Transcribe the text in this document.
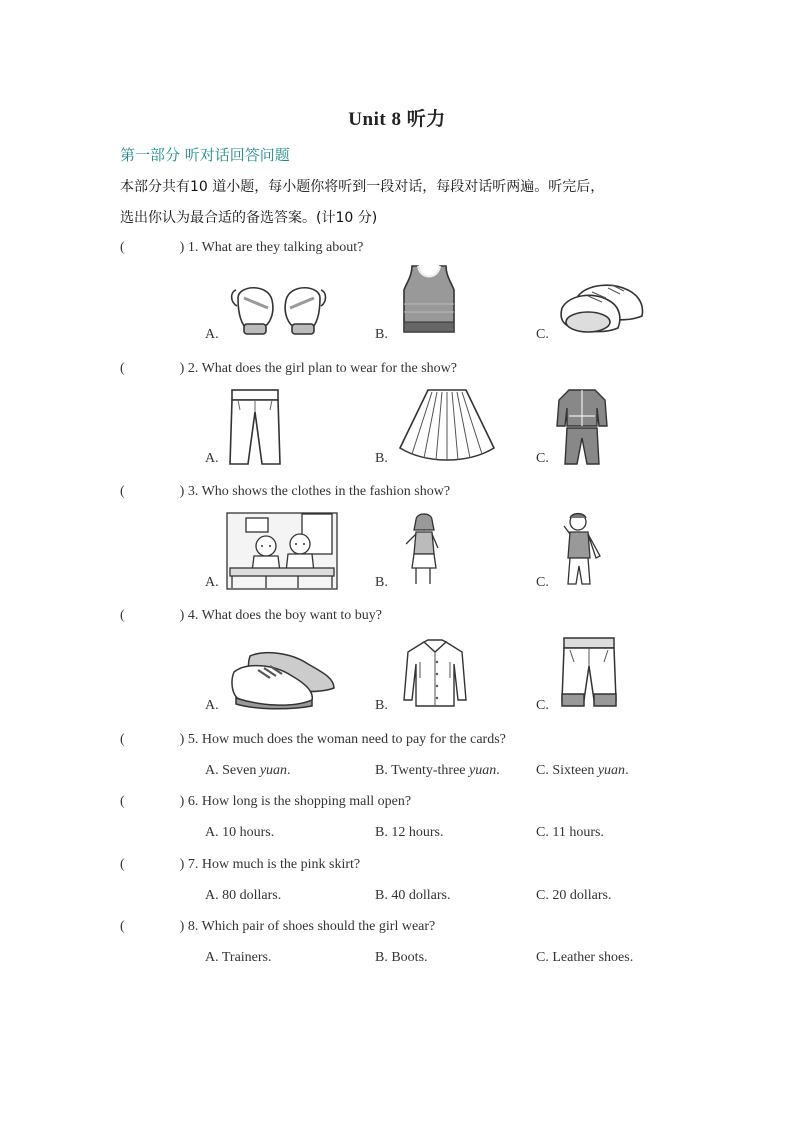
Unit 8 听力
第一部分 听对话回答问题
本部分共有10 道小题，每小题你将听到一段对话，每段对话听两遍。听完后，
选出你认为最合适的备选答案。(计10 分)
(	) 1. What are they talking about?
A.	B.	C.
(	) 2. What does the girl plan to wear for the show?
A.	B.	C.
(	) 3. Who shows the clothes in the fashion show?
A.	B.	C.
(	) 4. What does the boy want to buy?
A.	B.	C.
(	) 5. How much does the woman need to pay for the cards?
A. Seven yuan.	B. Twenty-three yuan.	C. Sixteen yuan.
(	) 6. How long is the shopping mall open?
A. 10 hours.	B. 12 hours.	C. 11 hours.
(	) 7. How much is the pink skirt?
A. 80 dollars.	B. 40 dollars.	C. 20 dollars.
(	) 8. Which pair of shoes should the girl wear?
A. Trainers.	B. Boots.	C. Leather shoes.
